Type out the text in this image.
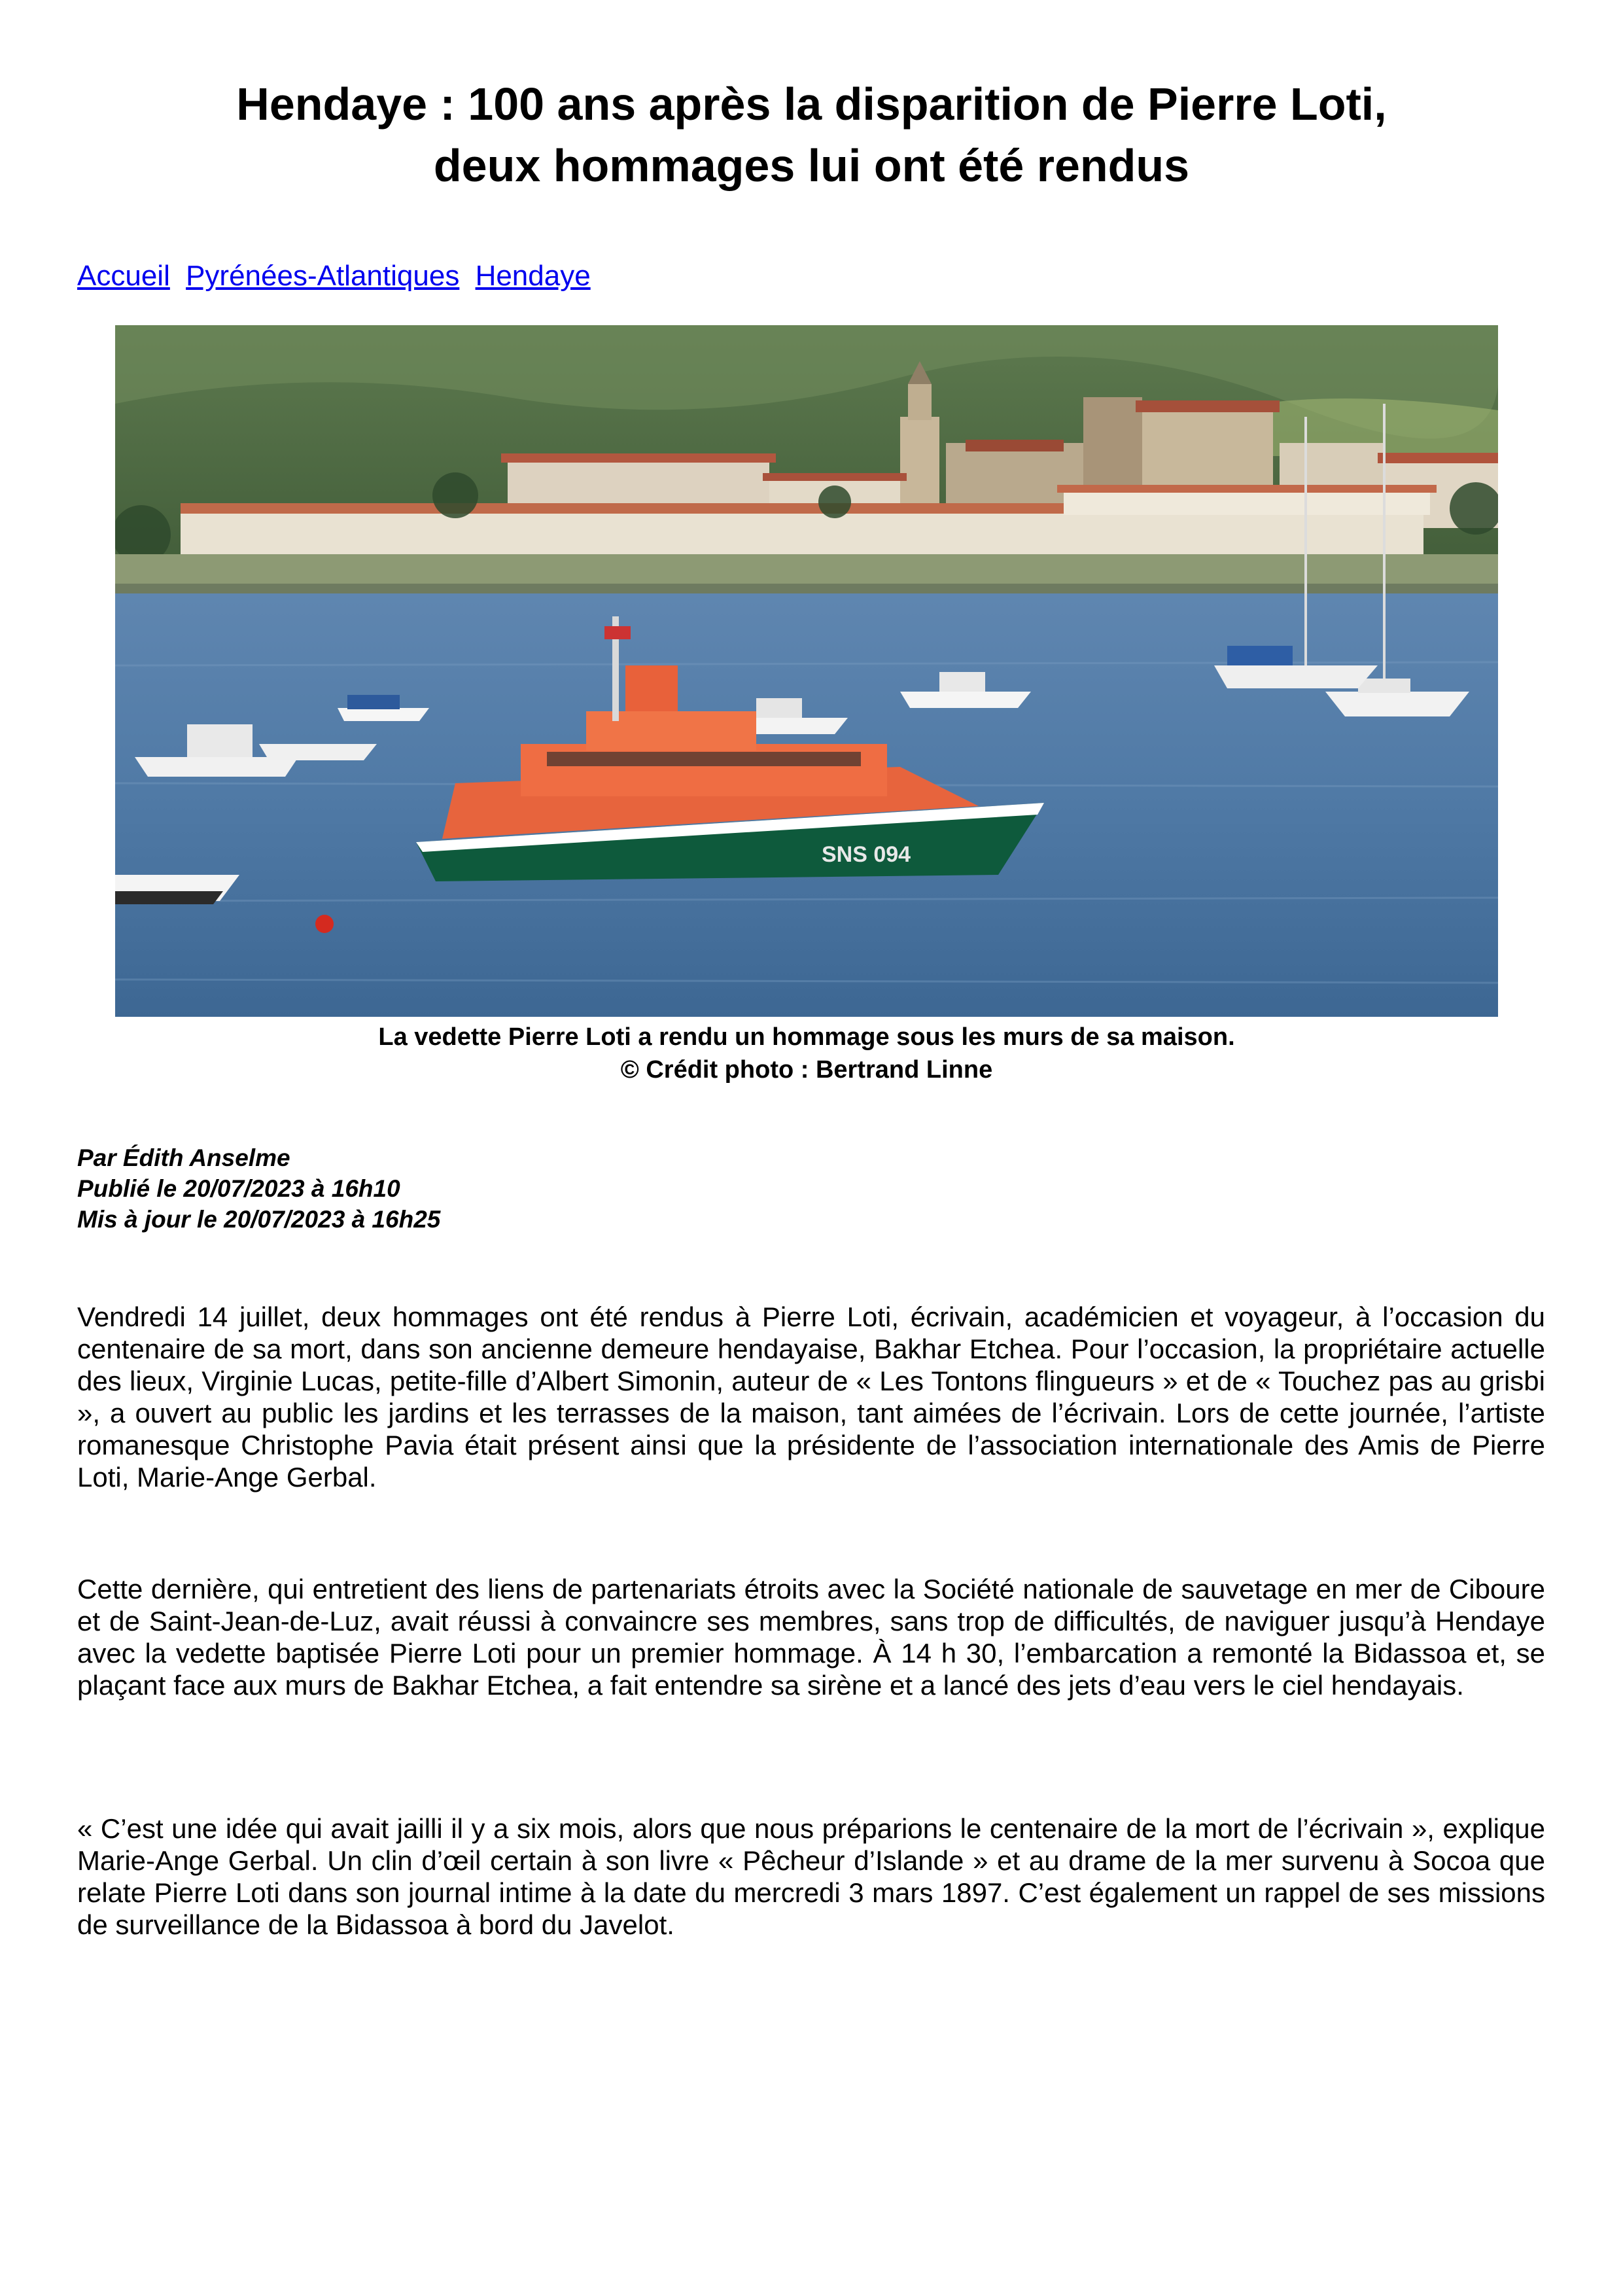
Hendaye : 100 ans après la disparition de Pierre Loti,
deux hommages lui ont été rendus
Accueil Pyrénées-Atlantiques Hendaye
SNS 094
La vedette Pierre Loti a rendu un hommage sous les murs de sa maison.
© Crédit photo : Bertrand Linne
Par Édith Anselme
Publié le 20/07/2023 à 16h10
Mis à jour le 20/07/2023 à 16h25

Vendredi 14 juillet, deux hommages ont été rendus à Pierre Loti, écrivain, académicien et voyageur, à l’occasion du centenaire de sa mort, dans son ancienne demeure hendayaise, Bakhar Etchea. Pour l’occasion, la propriétaire actuelle des lieux, Virginie Lucas, petite-fille d’Albert Simonin, auteur de « Les Tontons flingueurs » et de « Touchez pas au grisbi », a ouvert au public les jardins et les terrasses de la maison, tant aimées de l’écrivain. Lors de cette journée, l’artiste romanesque Christophe Pavia était présent ainsi que la présidente de l’association internationale des Amis de Pierre Loti, Marie-Ange Gerbal.

Cette dernière, qui entretient des liens de partenariats étroits avec la Société nationale de sauvetage en mer de Ciboure et de Saint-Jean-de-Luz, avait réussi à convaincre ses membres, sans trop de difficultés, de naviguer jusqu’à Hendaye avec la vedette baptisée Pierre Loti pour un premier hommage. À 14 h 30, l’embarcation a remonté la Bidassoa et, se plaçant face aux murs de Bakhar Etchea, a fait entendre sa sirène et a lancé des jets d’eau vers le ciel hendayais.

« C’est une idée qui avait jailli il y a six mois, alors que nous préparions le centenaire de la mort de l’écrivain », explique Marie-Ange Gerbal. Un clin d’œil certain à son livre « Pêcheur d’Islande » et au drame de la mer survenu à Socoa que relate Pierre Loti dans son journal intime à la date du mercredi 3 mars 1897. C’est également un rappel de ses missions de surveillance de la Bidassoa à bord du Javelot.
